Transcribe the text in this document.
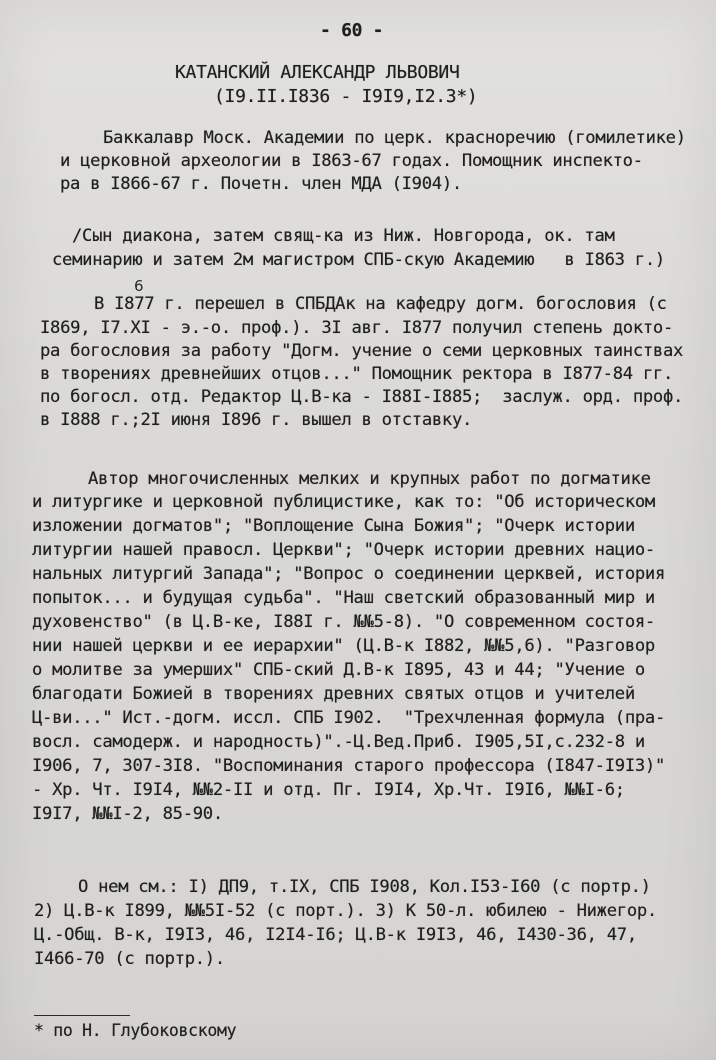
- 60 -
КАТАНСКИЙ АЛЕКСАНДР ЛЬВОВИЧ
(I9.II.I836 - I9I9,I2.3*)
Баккалавр Моск. Академии по церк. красноречию (гомилетике)
и церковной археологии в I863-67 годах. Помощник инспекто-
ра в I866-67 г. Почетн. член МДА (I904).
/Сын диакона, затем свящ-ка из Ниж. Новгорода, ок. там
семинарию и затем 2м магистром СПБ-скую Академию   в I863 г.)
6
В I877 г. перешел в СПБДАк на кафедру догм. богословия (с
I869, I7.XI - э.-о. проф.). 3I авг. I877 получил степень доктo-
ра богословия за работу "Догм. учение о семи церковных таинствах
в творениях древнейших отцов..." Помощник ректора в I877-84 гг.
по богосл. отд. Редактор Ц.В-ка - I88I-I885;  заслуж. орд. проф.
в I888 г.;2I июня I896 г. вышел в отставку.
Автор многочисленных мелких и крупных работ по догматике
и литургике и церковной публицистике, как то: "Об историческом
изложении догматов"; "Воплощение Сына Божия"; "Очерк истории
литургии нашей правосл. Церкви"; "Очерк истории древних нацио-
нальных литургий Запада"; "Вопрос о соединении церквей, история
попыток... и будущая судьба". "Наш светский образованный мир и
духовенство" (в Ц.В-ке, I88I г. №№5-8). "О современном состоя-
нии нашей церкви и ее иерархии" (Ц.В-к I882, №№5,6). "Разговор
о молитве за умерших" СПБ-ский Д.В-к I895, 43 и 44; "Учение о
благодати Божией в творениях древних святых отцов и учителей
Ц-ви..." Ист.-догм. иссл. СПБ I902.  "Трехчленная формула (пра-
восл. самодерж. и народность)".-Ц.Вед.Приб. I905,5I,с.232-8 и
I906, 7, 307-3I8. "Воспоминания старого профессора (I847-I9I3)"
- Хр. Чт. I9I4, №№2-II и отд. Пг. I9I4, Хр.Чт. I9I6, №№I-6;
I9I7, №№I-2, 85-90.
О нем см.: I) ДП9, т.IX, СПБ I908, Кол.I53-I60 (с портр.)
2) Ц.В-к I899, №№5I-52 (с порт.). 3) К 50-л. юбилею - Нижегор.
Ц.-Общ. В-к, I9I3, 46, I2I4-I6; Ц.В-к I9I3, 46, I430-36, 47,
I466-70 (с портр.).
* по Н. Глубоковскому
